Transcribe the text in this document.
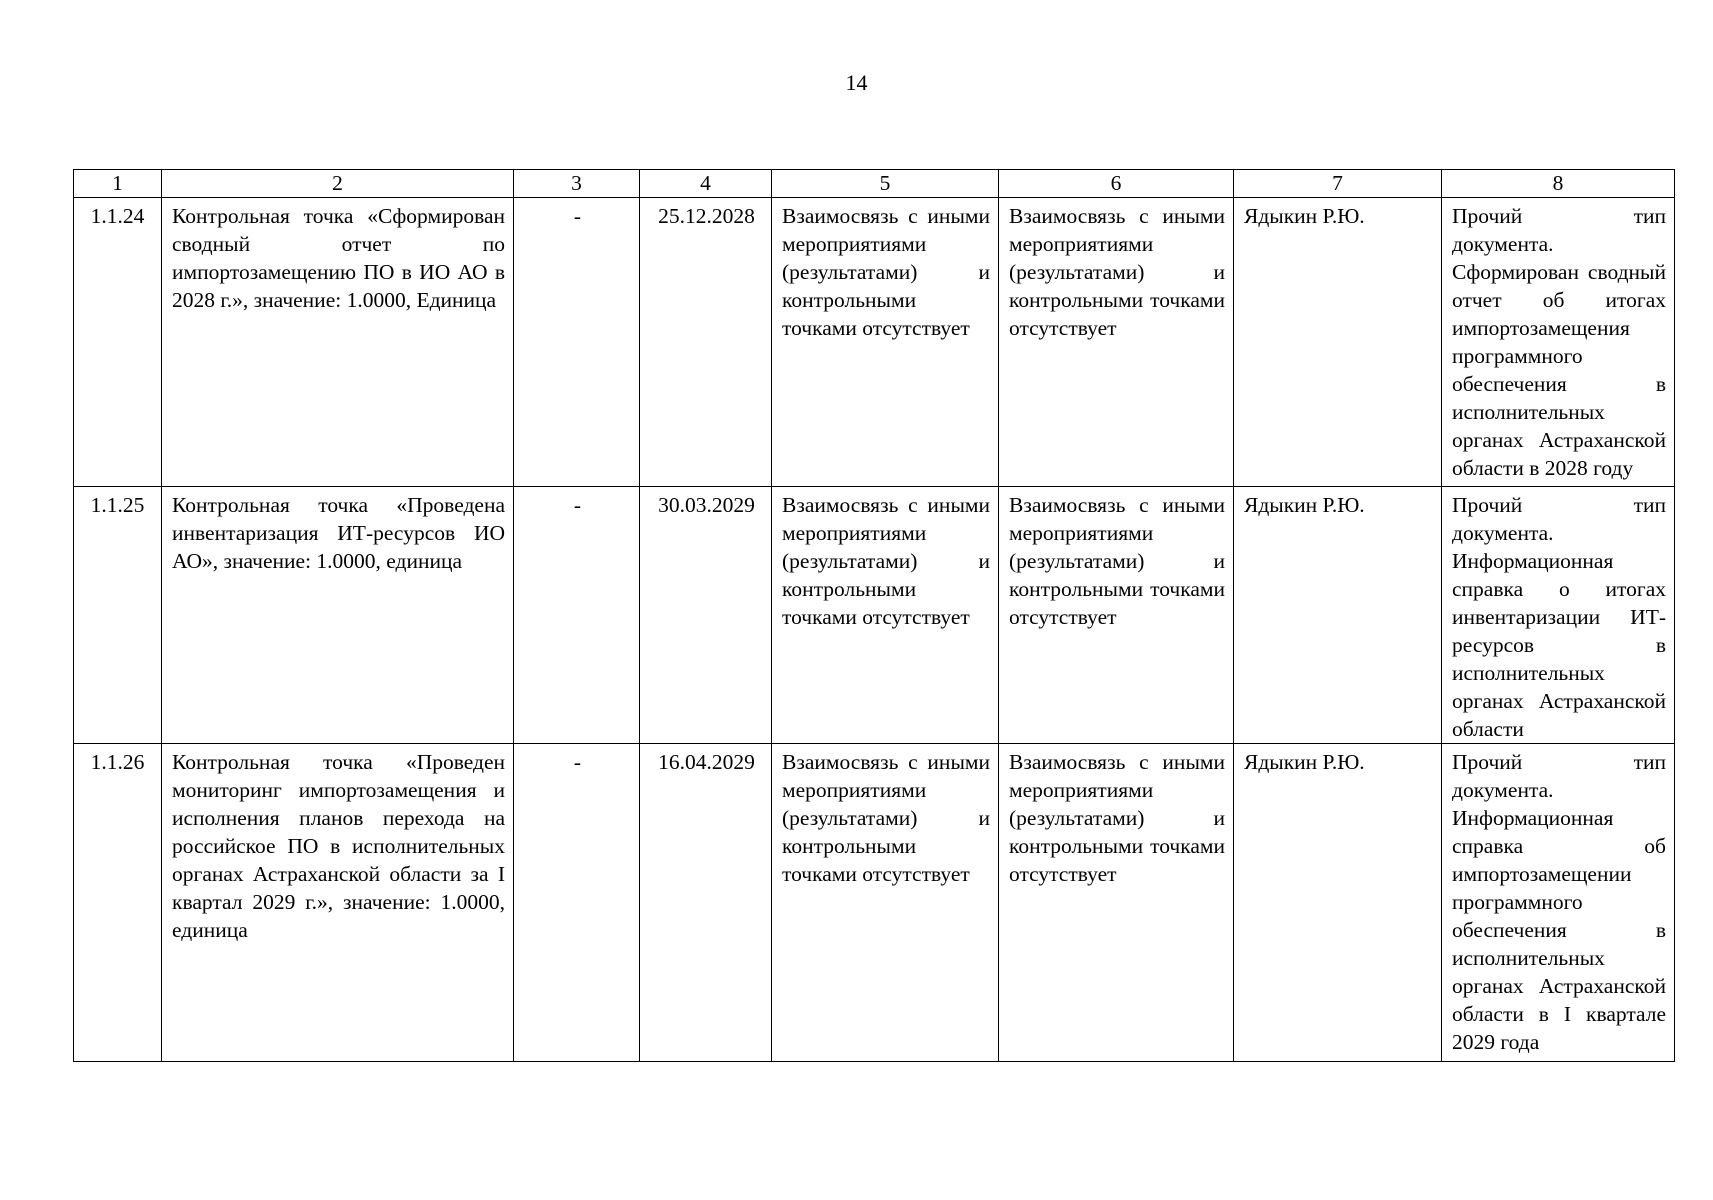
14
1	2	3	4	5	6	7	8
1.1.24	Контрольная точка «Сформирован сводный отчет по импортозамещению ПО в ИО АО в 2028 г.», значение: 1.0000, Единица	-	25.12.2028	Взаимосвязь с иными мероприятиями (результатами) и контрольными точками отсутствует	Взаимосвязь с иными мероприятиями (результатами) и контрольными точками отсутствует	Ядыкин Р.Ю.	Прочий тип документа. Сформирован сводный отчет об итогах импортозамещения программного обеспечения в исполнительных органах Астраханской области в 2028 году
1.1.25	Контрольная точка «Проведена инвентаризация ИТ-ресурсов ИО АО», значение: 1.0000, единица	-	30.03.2029	Взаимосвязь с иными мероприятиями (результатами) и контрольными точками отсутствует	Взаимосвязь с иными мероприятиями (результатами) и контрольными точками отсутствует	Ядыкин Р.Ю.	Прочий тип документа. Информационная справка о итогах инвентаризации ИТ-ресурсов в исполнительных органах Астраханской области
1.1.26	Контрольная точка «Проведен мониторинг импортозамещения и исполнения планов перехода на российское ПО в исполнительных органах Астраханской области за I квартал 2029 г.», значение: 1.0000, единица	-	16.04.2029	Взаимосвязь с иными мероприятиями (результатами) и контрольными точками отсутствует	Взаимосвязь с иными мероприятиями (результатами) и контрольными точками отсутствует	Ядыкин Р.Ю.	Прочий тип документа. Информационная справка об импортозамещении программного обеспечения в исполнительных органах Астраханской области в I квартале 2029 года
